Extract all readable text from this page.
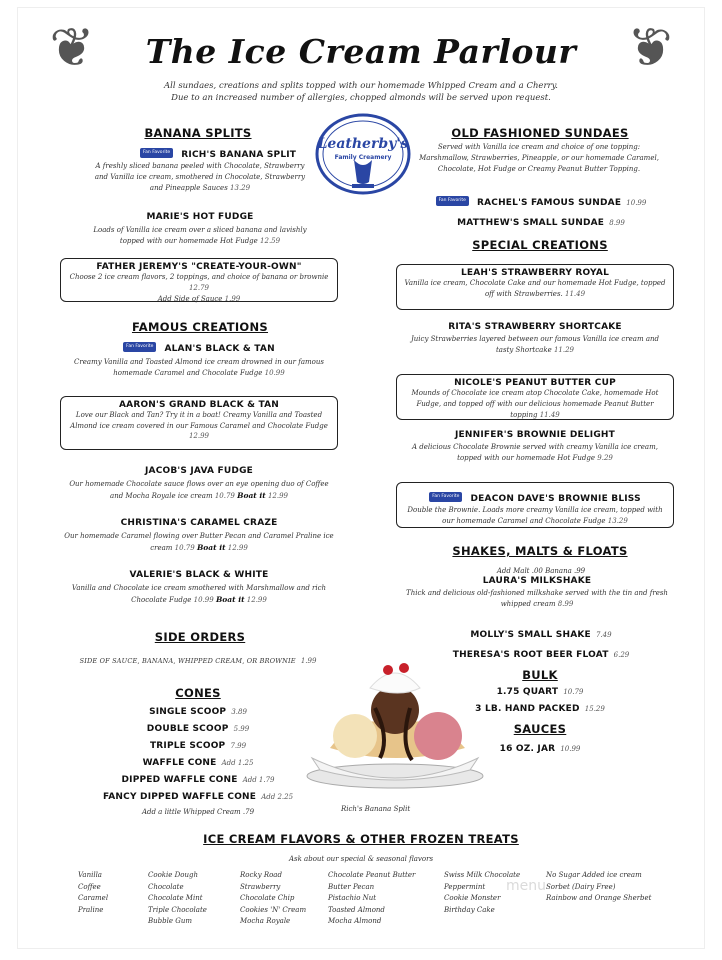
❦	❦
The Ice Cream Parlour
All sundaes, creations and splits topped with our homemade Whipped Cream and a Cherry.
Due to an increased number of allergies, chopped almonds will be served upon request.
Leatherby's
Family Creamery
BANANA SPLITS
Fan Favorite RICH'S BANANA SPLIT
A freshly sliced banana peeled with Chocolate, Strawberry and Vanilla ice cream, smothered in Chocolate, Strawberry and Pineapple Sauces 13.29
MARIE'S HOT FUDGE
Loads of Vanilla ice cream over a sliced banana and lavishly topped with our homemade Hot Fudge 12.59
FATHER JEREMY'S "CREATE-YOUR-OWN"
Choose 2 ice cream flavors, 2 toppings, and choice of banana or brownie 12.79
Add Side of Sauce 1.99
FAMOUS CREATIONS
Fan Favorite ALAN'S BLACK & TAN
Creamy Vanilla and Toasted Almond ice cream drowned in our famous homemade Caramel and Chocolate Fudge 10.99
AARON'S GRAND BLACK & TAN
Love our Black and Tan? Try it in a boat! Creamy Vanilla and Toasted Almond ice cream covered in our Famous Caramel and Chocolate Fudge
12.99
JACOB'S JAVA FUDGE
Our homemade Chocolate sauce flows over an eye opening duo of Coffee and Mocha Royale ice cream 10.79 Boat it 12.99
CHRISTINA'S CARAMEL CRAZE
Our homemade Caramel flowing over Butter Pecan and Caramel Praline ice cream 10.79 Boat it 12.99
VALERIE'S BLACK & WHITE
Vanilla and Chocolate ice cream smothered with Marshmallow and rich Chocolate Fudge 10.99 Boat it 12.99
SIDE ORDERS
SIDE OF SAUCE, BANANA, WHIPPED CREAM, OR BROWNIE 1.99
CONES
SINGLE SCOOP 3.89
DOUBLE SCOOP 5.99
TRIPLE SCOOP 7.99
WAFFLE CONE Add 1.25
DIPPED WAFFLE CONE Add 1.79
FANCY DIPPED WAFFLE CONE Add 2.25
Add a little Whipped Cream .79	Rich's Banana Split
OLD FASHIONED SUNDAES
Served with Vanilla ice cream and choice of one topping: Marshmallow, Strawberries, Pineapple, or our homemade Caramel, Chocolate, Hot Fudge or Creamy Peanut Butter Topping.
Fan Favorite RACHEL'S FAMOUS SUNDAE 10.99
MATTHEW'S SMALL SUNDAE 8.99
SPECIAL CREATIONS
LEAH'S STRAWBERRY ROYAL
Vanilla ice cream, Chocolate Cake and our homemade Hot Fudge, topped off with Strawberries. 11.49
RITA'S STRAWBERRY SHORTCAKE
Juicy Strawberries layered between our famous Vanilla ice cream and tasty Shortcake 11.29
NICOLE'S PEANUT BUTTER CUP
Mounds of Chocolate ice cream atop Chocolate Cake, homemade Hot Fudge, and topped off with our delicious homemade Peanut Butter topping 11.49
JENNIFER'S BROWNIE DELIGHT
A delicious Chocolate Brownie served with creamy Vanilla ice cream, topped with our homemade Hot Fudge 9.29
Fan Favorite DEACON DAVE'S BROWNIE BLISS
Double the Brownie. Loads more creamy Vanilla ice cream, topped with our homemade Caramel and Chocolate Fudge 13.29
SHAKES, MALTS & FLOATS
Add Malt .00 Banana .99
LAURA'S MILKSHAKE
Thick and delicious old-fashioned milkshake served with the tin and fresh whipped cream 8.99
MOLLY'S SMALL SHAKE 7.49
THERESA'S ROOT BEER FLOAT 6.29
BULK
1.75 QUART 10.79
3 LB. HAND PACKED 15.29
SAUCES
16 OZ. JAR 10.99
ICE CREAM FLAVORS & OTHER FROZEN TREATS
Ask about our special & seasonal flavors
Vanilla
Coffee
Caramel
Praline
Cookie Dough
Chocolate
Chocolate Mint
Triple Chocolate
Bubble Gum
Rocky Road
Strawberry
Chocolate Chip
Cookies 'N' Cream
Mocha Royale
Chocolate Peanut Butter
Butter Pecan
Pistachio Nut
Toasted Almond
Mocha Almond
Swiss Milk Chocolate
Peppermint
Cookie Monster
Birthday Cake
No Sugar Added ice cream
Sorbet (Dairy Free)
Rainbow and Orange Sherbet
menu
